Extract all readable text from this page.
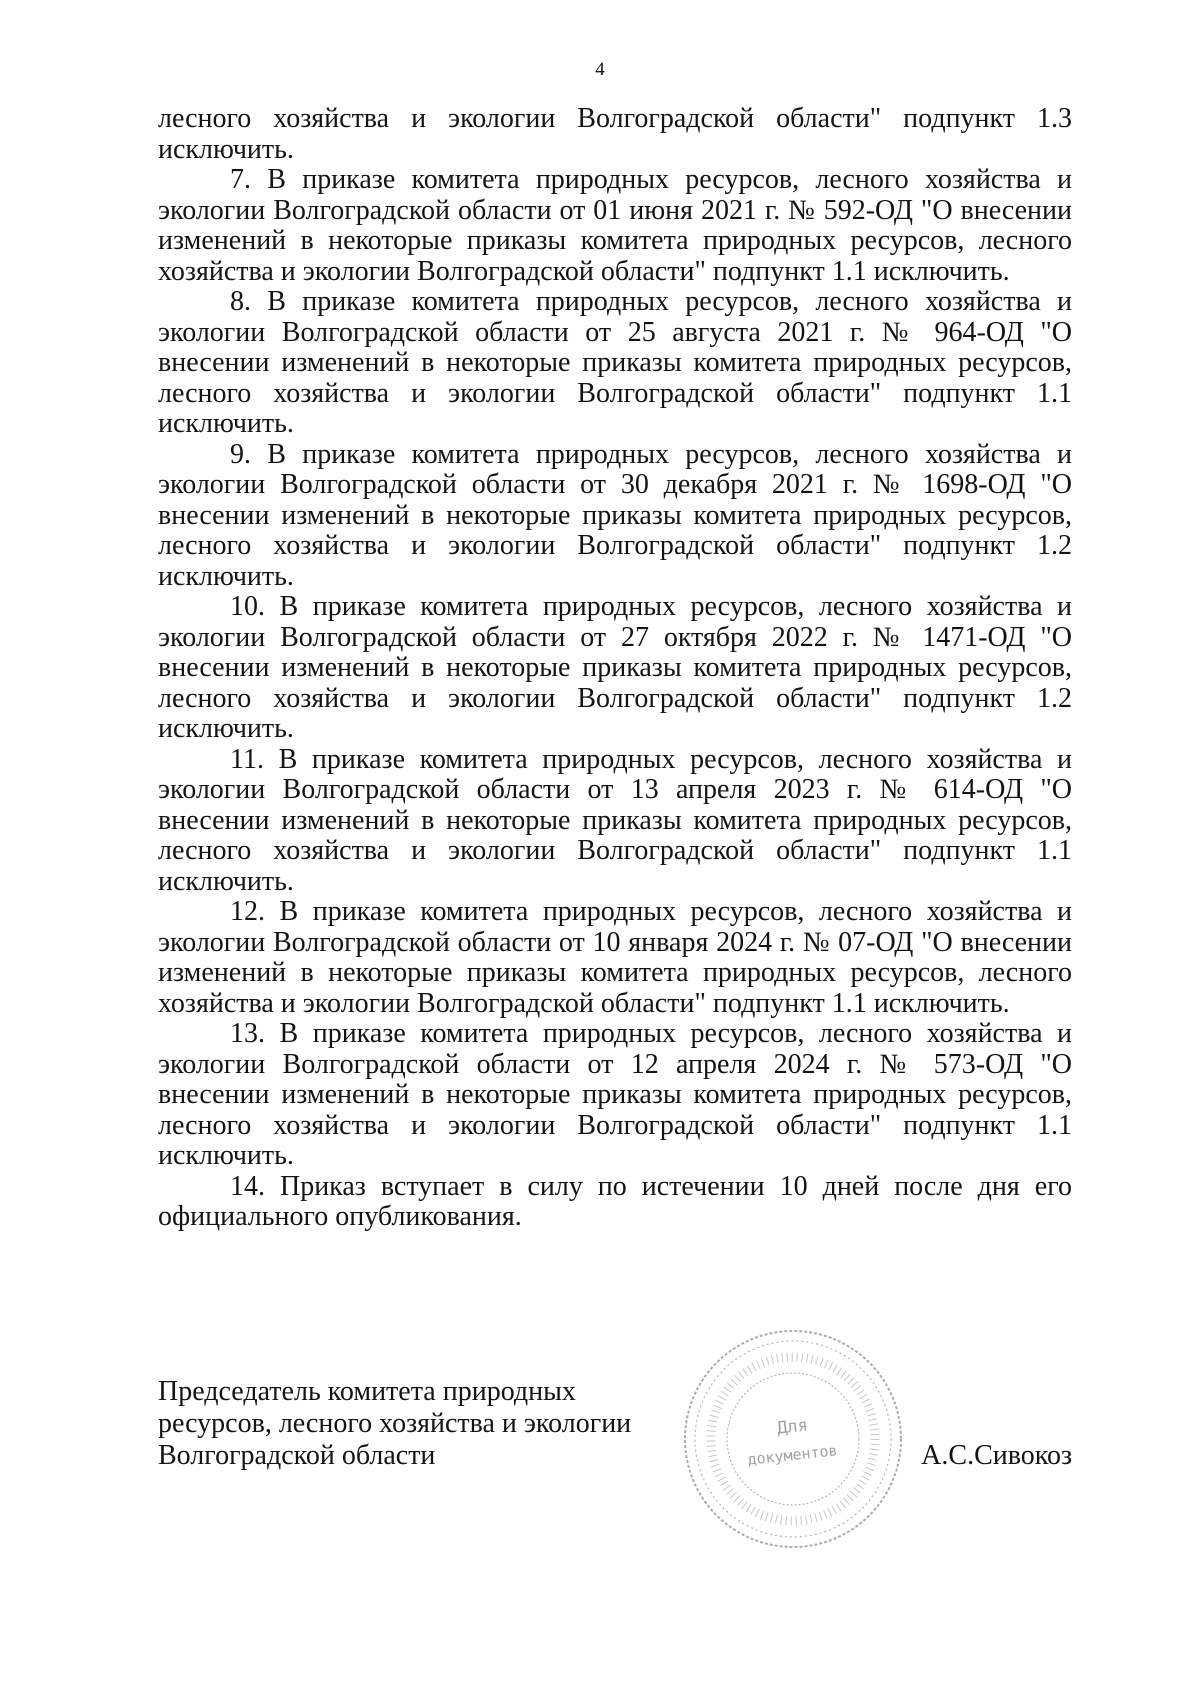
4

лесного хозяйства и экологии Волгоградской области" подпункт 1.3 исключить.

7. В приказе комитета природных ресурсов, лесного хозяйства и экологии Волгоградской области от 01 июня 2021 г. № 592-ОД "О внесении изменений в некоторые приказы комитета природных ресурсов, лесного хозяйства и экологии Волгоградской области" подпункт 1.1 исключить.

8. В приказе комитета природных ресурсов, лесного хозяйства и экологии Волгоградской области от 25 августа 2021 г. № 964-ОД "О внесении изменений в некоторые приказы комитета природных ресурсов, лесного хозяйства и экологии Волгоградской области" подпункт 1.1 исключить.

9. В приказе комитета природных ресурсов, лесного хозяйства и экологии Волгоградской области от 30 декабря 2021 г. № 1698-ОД "О внесении изменений в некоторые приказы комитета природных ресурсов, лесного хозяйства и экологии Волгоградской области" подпункт 1.2 исключить.

10. В приказе комитета природных ресурсов, лесного хозяйства и экологии Волгоградской области от 27 октября 2022 г. № 1471-ОД "О внесении изменений в некоторые приказы комитета природных ресурсов, лесного хозяйства и экологии Волгоградской области" подпункт 1.2 исключить.

11. В приказе комитета природных ресурсов, лесного хозяйства и экологии Волгоградской области от 13 апреля 2023 г. № 614-ОД "О внесении изменений в некоторые приказы комитета природных ресурсов, лесного хозяйства и экологии Волгоградской области" подпункт 1.1 исключить.

12. В приказе комитета природных ресурсов, лесного хозяйства и экологии Волгоградской области от 10 января 2024 г. № 07-ОД "О внесении изменений в некоторые приказы комитета природных ресурсов, лесного хозяйства и экологии Волгоградской области" подпункт 1.1 исключить.

13. В приказе комитета природных ресурсов, лесного хозяйства и экологии Волгоградской области от 12 апреля 2024 г. № 573-ОД "О внесении изменений в некоторые приказы комитета природных ресурсов, лесного хозяйства и экологии Волгоградской области" подпункт 1.1 исключить.

14. Приказ вступает в силу по истечении 10 дней после дня его официального опубликования.

Председатель комитета природных
ресурсов, лесного хозяйства и экологии
Волгоградской области
Для
документов	А.С.Сивокоз
